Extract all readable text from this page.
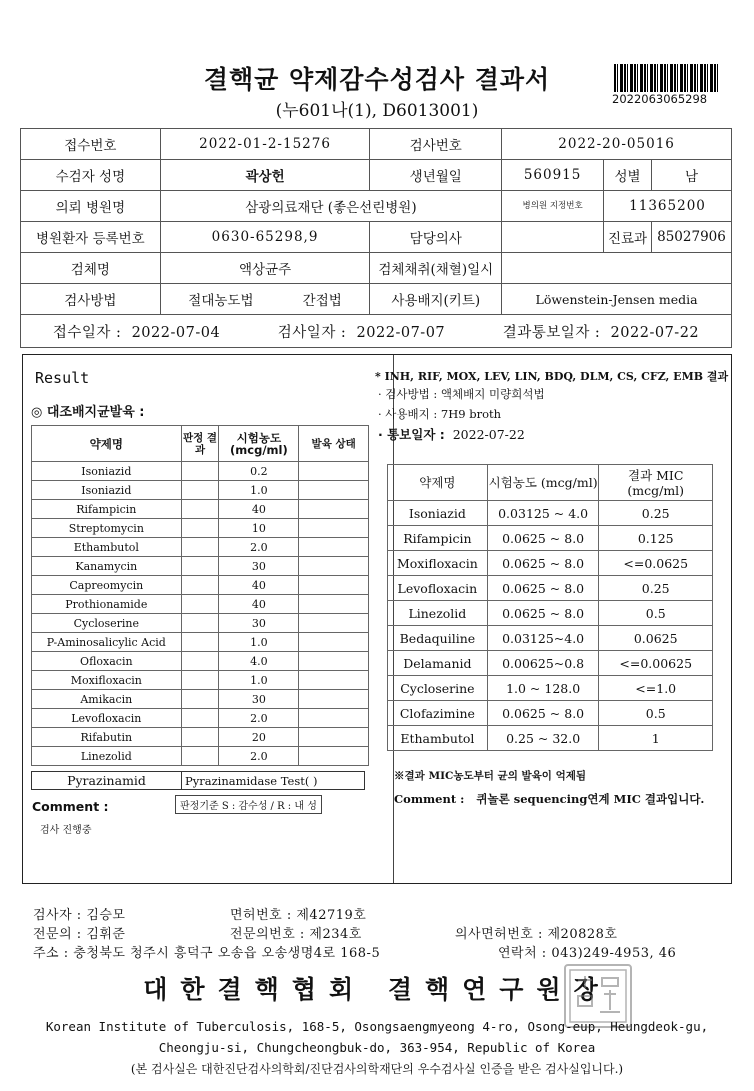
결핵균 약제감수성검사 결과서
(누601나(1), D6013001)
2022063065298
접수번호	2022-01-2-15276	검사번호	2022-20-05016		
수검자 성명	곽상헌	생년월일	560915	성별	남
의뢰 병원명	삼광의료재단 (좋은선린병원)		병의원 지정번호	11365200	
병원환자 등록번호	0630-65298,9	담당의사		진료과	85027906
검체명	액상균주	검체채취(채혈)일시			
검사방법	절대농도법 간접법	사용배지(키트)	Löwenstein-Jensen media		

접수일자 : 2022-07-04 검사일자 : 2022-07-07 결과통보일자 : 2022-07-22					
Result
◎ 대조배지균발육 :
약제명	판정 결과	시험농도 (mcg/ml)	발육 상태
Isoniazid		0.2	
Isoniazid		1.0	
Rifampicin		40	
Streptomycin		10	
Ethambutol		2.0	
Kanamycin		30	
Capreomycin		40	
Prothionamide		40	
Cycloserine		30	
P-Aminosalicylic Acid		1.0	
Ofloxacin		4.0	
Moxifloxacin		1.0	
Amikacin		30	
Levofloxacin		2.0	
Rifabutin		20	
Linezolid		2.0	
Pyrazinamid	Pyrazinamidase Test( )
판정기준 S : 감수성 / R : 내 성
Comment :
검사 진행중
* INH, RIF, MOX, LEV, LIN, BDQ, DLM, CS, CFZ, EMB 결과
· 검사방법 : 액체배지 미량희석법
· 사용배지 : 7H9 broth
· 통보일자 : 2022-07-22
약제명	시험농도 (mcg/ml)	결과 MIC (mcg/ml)
Isoniazid	0.03125 ~ 4.0	0.25
Rifampicin	0.0625 ~ 8.0	0.125
Moxifloxacin	0.0625 ~ 8.0	<=0.0625
Levofloxacin	0.0625 ~ 8.0	0.25
Linezolid	0.0625 ~ 8.0	0.5
Bedaquiline	0.03125~4.0	0.0625
Delamanid	0.00625~0.8	<=0.00625
Cycloserine	1.0 ~ 128.0	<=1.0
Clofazimine	0.0625 ~ 8.0	0.5
Ethambutol	0.25 ~ 32.0	1
※결과 MIC농도부터 균의 발육이 억제됨
Comment : 퀴놀론 sequencing연계 MIC 결과입니다.
검사자 : 김승모	면허번호 : 제42719호
전문의 : 김휘준	전문의번호 : 제234호	의사면허번호 : 제20828호
주소 : 충청북도 청주시 흥덕구 오송읍 오송생명4로 168-5	연락처 : 043)249-4953, 46
대한결핵협회 결핵연구원장
Korean Institute of Tuberculosis, 168-5, Osongsaengmyeong 4-ro, Osong-eup, Heungdeok-gu,
Cheongju-si, Chungcheongbuk-do, 363-954, Republic of Korea
(본 검사실은 대한진단검사의학회/진단검사의학재단의 우수검사실 인증을 받은 검사실입니다.)
